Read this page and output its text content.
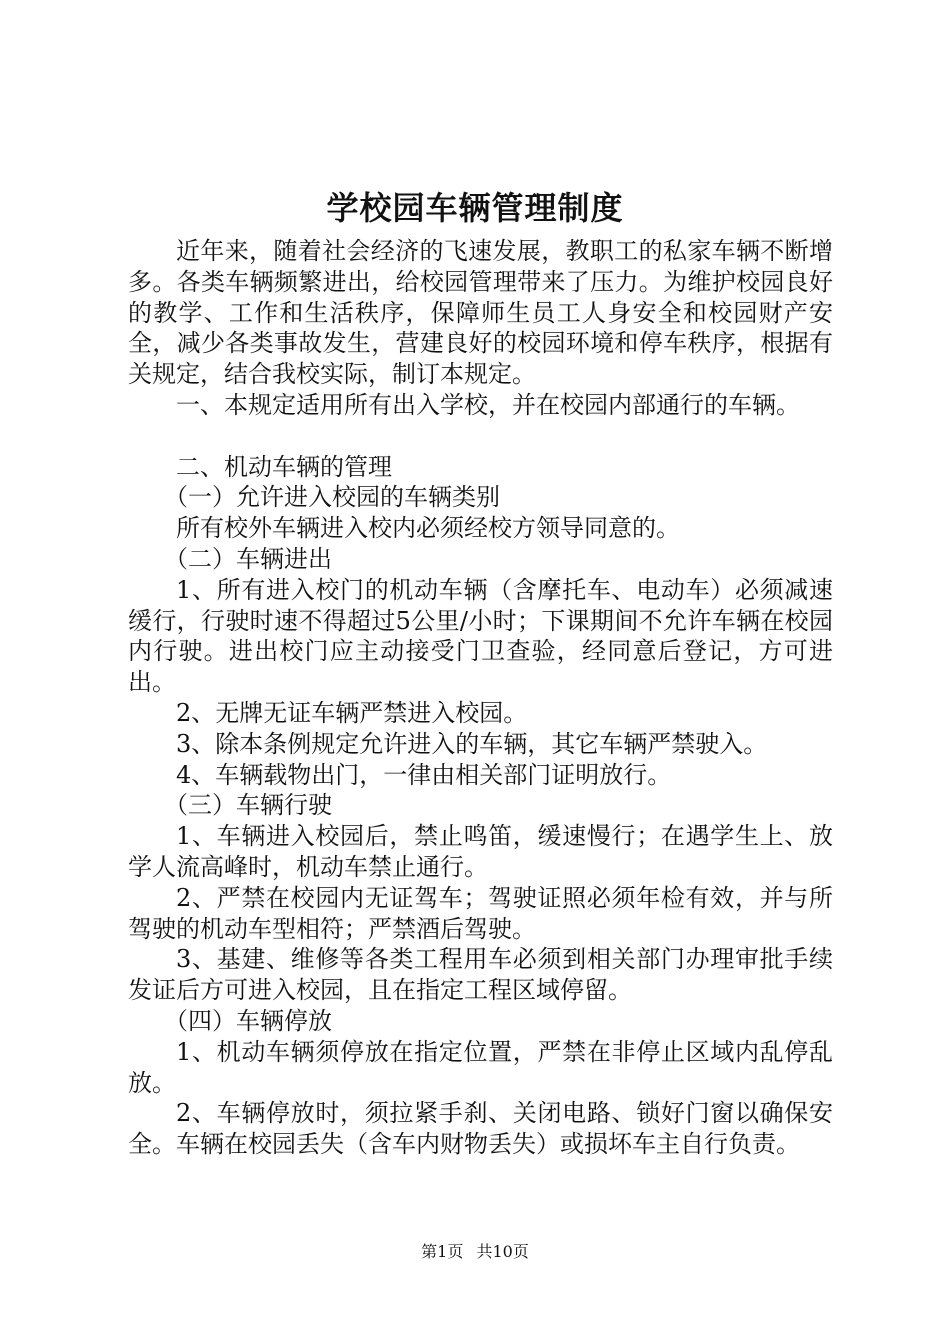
学校园车辆管理制度

近年来，随着社会经济的飞速发展，教职工的私家车辆不断增多。各类车辆频繁进出，给校园管理带来了压力。为维护校园良好的教学、工作和生活秩序，保障师生员工人身安全和校园财产安全，减少各类事故发生，营建良好的校园环境和停车秩序，根据有关规定，结合我校实际，制订本规定。

一、本规定适用所有出入学校，并在校园内部通行的车辆。

二、机动车辆的管理

（一）允许进入校园的车辆类别

所有校外车辆进入校内必须经校方领导同意的。

（二）车辆进出

1、所有进入校门的机动车辆（含摩托车、电动车）必须减速缓行，行驶时速不得超过5公里/小时；下课期间不允许车辆在校园内行驶。进出校门应主动接受门卫查验，经同意后登记，方可进出。

2、无牌无证车辆严禁进入校园。

3、除本条例规定允许进入的车辆，其它车辆严禁驶入。

4、车辆载物出门，一律由相关部门证明放行。

（三）车辆行驶

1、车辆进入校园后，禁止鸣笛，缓速慢行；在遇学生上、放学人流高峰时，机动车禁止通行。

2、严禁在校园内无证驾车；驾驶证照必须年检有效，并与所驾驶的机动车型相符；严禁酒后驾驶。

3、基建、维修等各类工程用车必须到相关部门办理审批手续发证后方可进入校园，且在指定工程区域停留。

（四）车辆停放

1、机动车辆须停放在指定位置，严禁在非停止区域内乱停乱放。

2、车辆停放时，须拉紧手刹、关闭电路、锁好门窗以确保安全。车辆在校园丢失（含车内财物丢失）或损坏车主自行负责。

第1页 共10页
